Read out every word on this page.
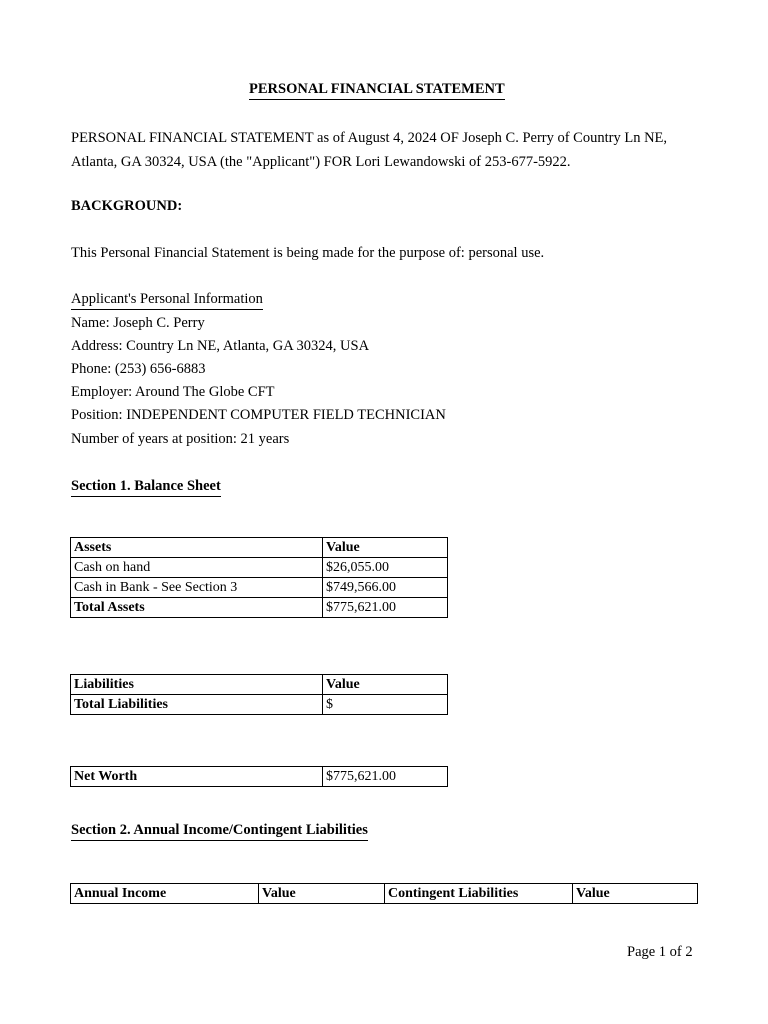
PERSONAL FINANCIAL STATEMENT
PERSONAL FINANCIAL STATEMENT as of August 4, 2024 OF Joseph C. Perry of Country Ln NE, Atlanta, GA 30324, USA (the "Applicant") FOR Lori Lewandowski of 253-677-5922.
BACKGROUND:
This Personal Financial Statement is being made for the purpose of: personal use.
Applicant's Personal Information
Name: Joseph C. Perry
Address: Country Ln NE, Atlanta, GA 30324, USA
Phone: (253) 656-6883
Employer: Around The Globe CFT
Position: INDEPENDENT COMPUTER FIELD TECHNICIAN
Number of years at position: 21 years
Section 1. Balance Sheet
Assets	Value
Cash on hand	$26,055.00
Cash in Bank - See Section 3	$749,566.00
Total Assets	$775,621.00
Liabilities	Value
Total Liabilities	$
Net Worth	$775,621.00
Section 2. Annual Income/Contingent Liabilities
Annual Income	Value	Contingent Liabilities	Value
Page 1 of 2
